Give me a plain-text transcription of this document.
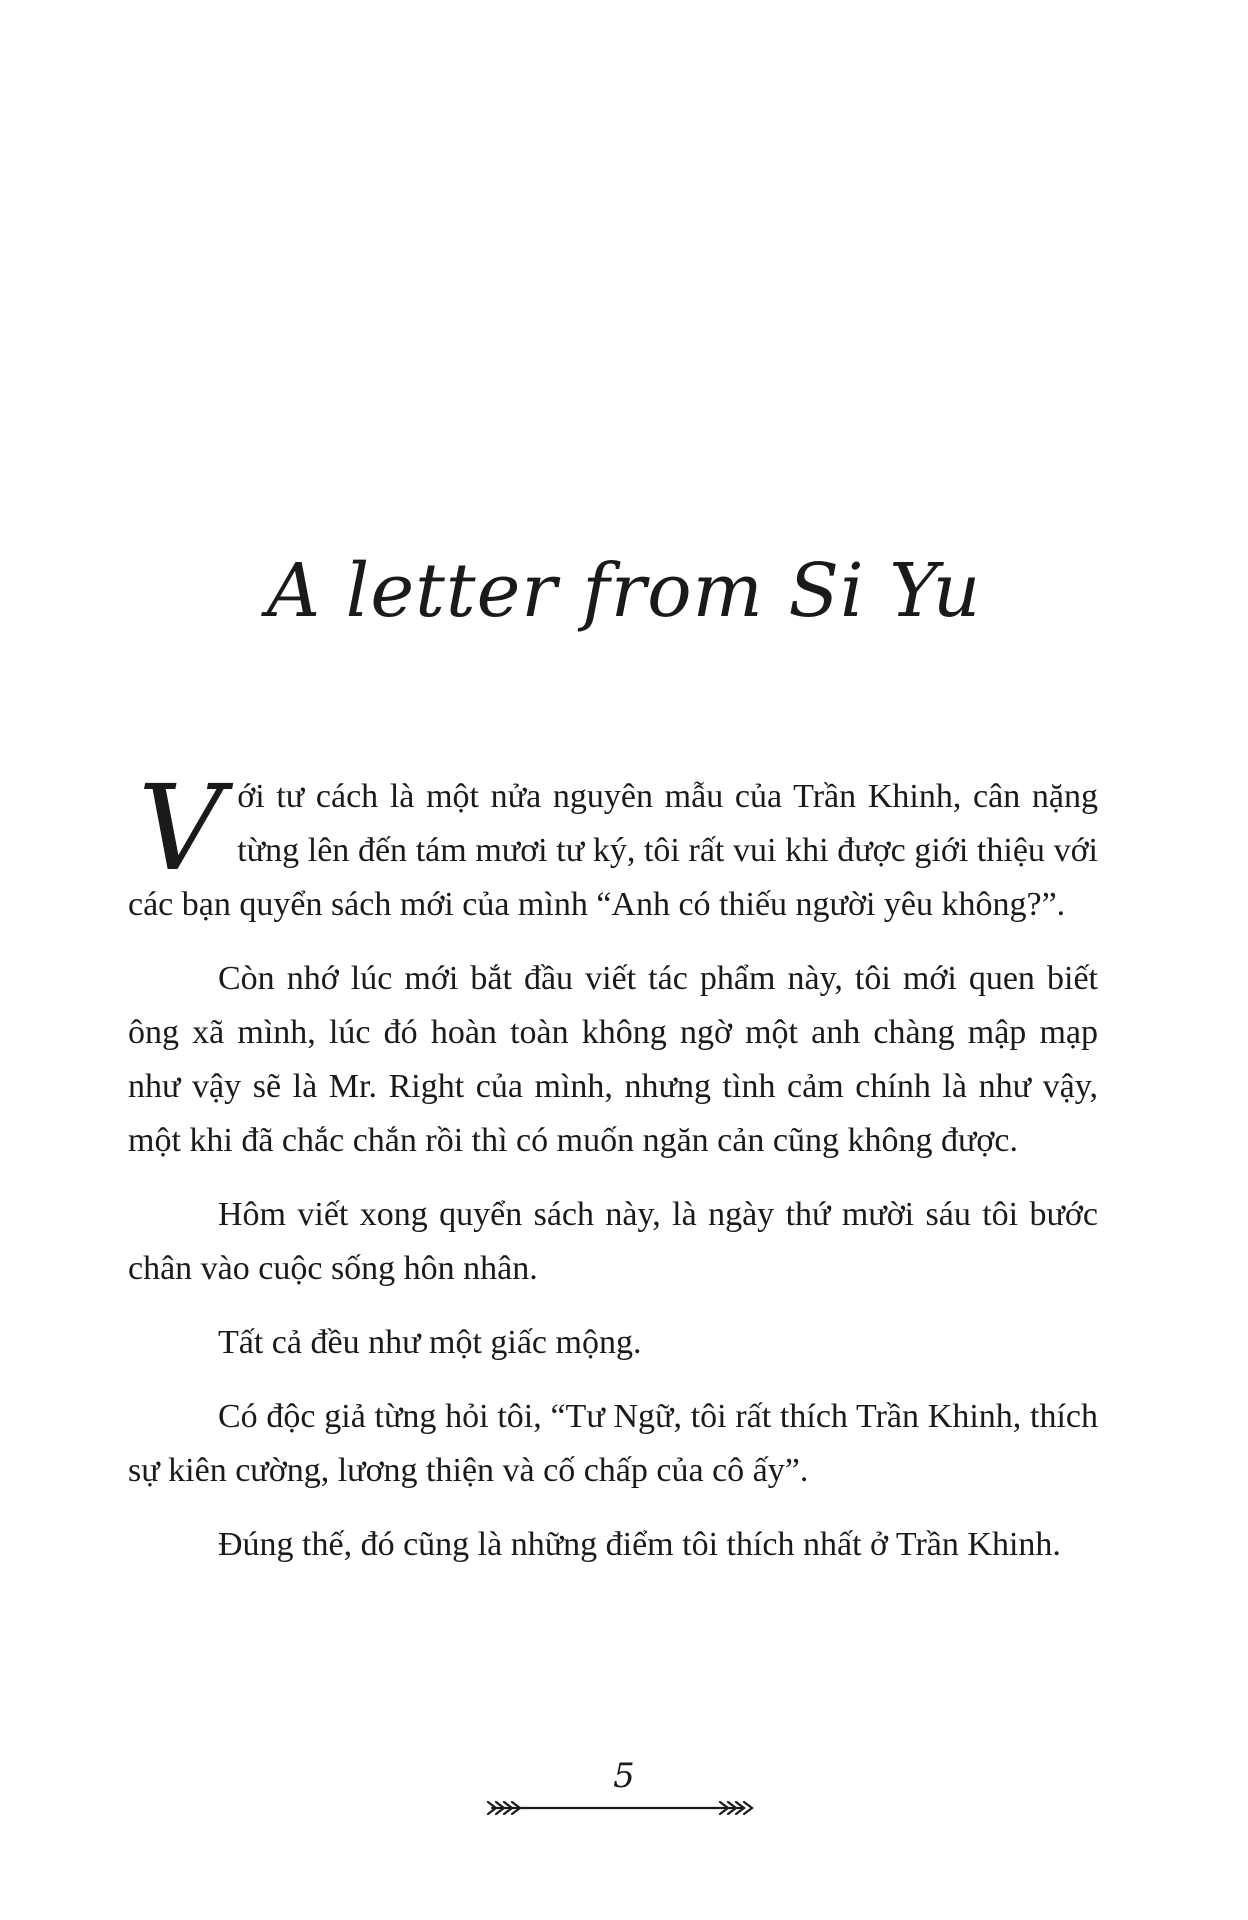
A letter from Si Yu

Với tư cách là một nửa nguyên mẫu của Trần Khinh, cân nặng từng lên đến tám mươi tư ký, tôi rất vui khi được giới thiệu với các bạn quyển sách mới của mình “Anh có thiếu người yêu không?”.

Còn nhớ lúc mới bắt đầu viết tác phẩm này, tôi mới quen biết ông xã mình, lúc đó hoàn toàn không ngờ một anh chàng mập mạp như vậy sẽ là Mr. Right của mình, nhưng tình cảm chính là như vậy, một khi đã chắc chắn rồi thì có muốn ngăn cản cũng không được.

Hôm viết xong quyển sách này, là ngày thứ mười sáu tôi bước chân vào cuộc sống hôn nhân.

Tất cả đều như một giấc mộng.

Có độc giả từng hỏi tôi, “Tư Ngữ, tôi rất thích Trần Khinh, thích sự kiên cường, lương thiện và cố chấp của cô ấy”.

Đúng thế, đó cũng là những điểm tôi thích nhất ở Trần Khinh.

5
